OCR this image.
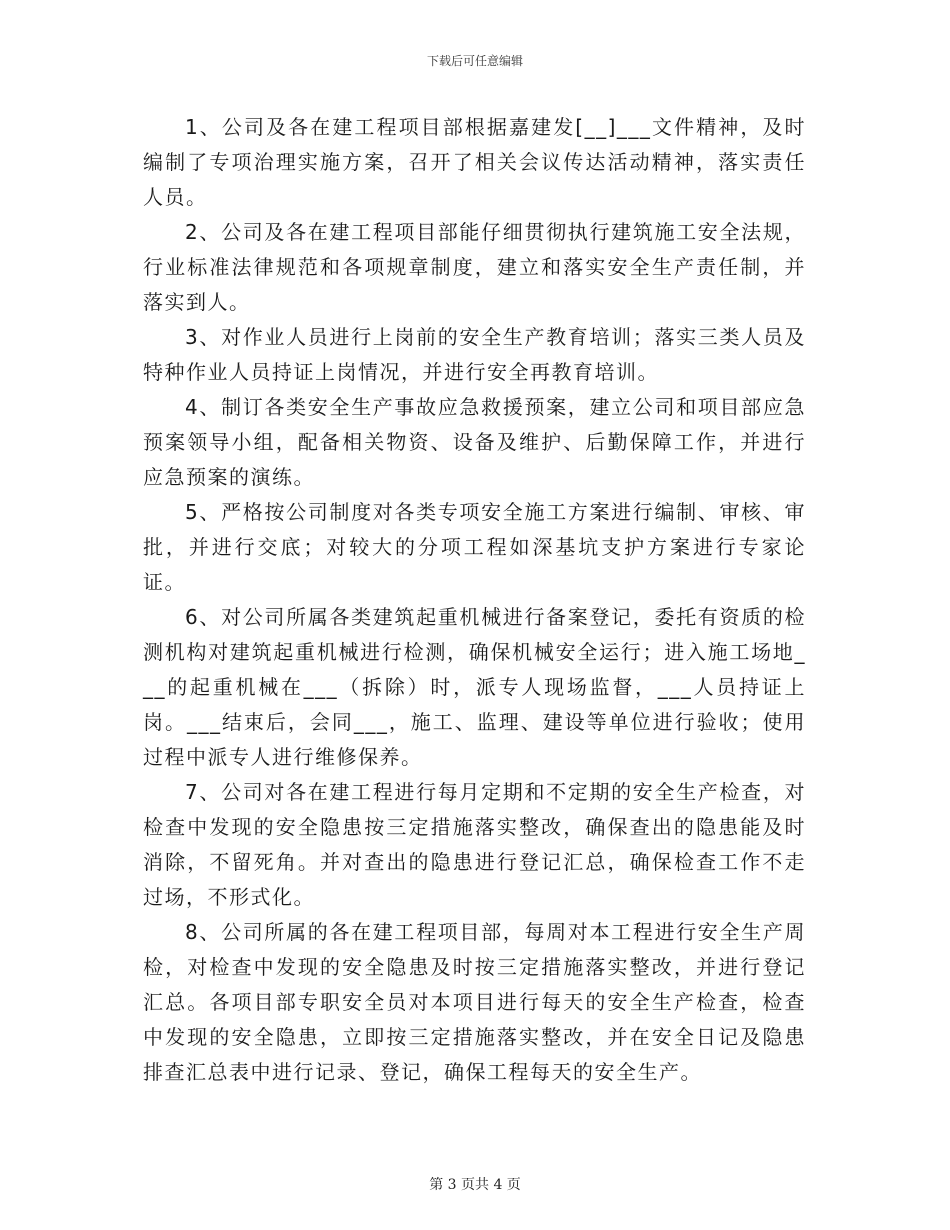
下载后可任意编辑

1、公司及各在建工程项目部根据嘉建发[__]___文件精神，及时编制了专项治理实施方案，召开了相关会议传达活动精神，落实责任人员。

2、公司及各在建工程项目部能仔细贯彻执行建筑施工安全法规，行业标准法律规范和各项规章制度，建立和落实安全生产责任制，并落实到人。

3、对作业人员进行上岗前的安全生产教育培训；落实三类人员及特种作业人员持证上岗情况，并进行安全再教育培训。

4、制订各类安全生产事故应急救援预案，建立公司和项目部应急预案领导小组，配备相关物资、设备及维护、后勤保障工作，并进行应急预案的演练。

5、严格按公司制度对各类专项安全施工方案进行编制、审核、审批，并进行交底；对较大的分项工程如深基坑支护方案进行专家论证。

6、对公司所属各类建筑起重机械进行备案登记，委托有资质的检测机构对建筑起重机械进行检测，确保机械安全运行；进入施工场地___的起重机械在___（拆除）时，派专人现场监督，___人员持证上岗。___结束后，会同___，施工、监理、建设等单位进行验收；使用过程中派专人进行维修保养。

7、公司对各在建工程进行每月定期和不定期的安全生产检查，对检查中发现的安全隐患按三定措施落实整改，确保查出的隐患能及时消除，不留死角。并对查出的隐患进行登记汇总，确保检查工作不走过场，不形式化。

8、公司所属的各在建工程项目部，每周对本工程进行安全生产周检，对检查中发现的安全隐患及时按三定措施落实整改，并进行登记汇总。各项目部专职安全员对本项目进行每天的安全生产检查，检查中发现的安全隐患，立即按三定措施落实整改，并在安全日记及隐患排查汇总表中进行记录、登记，确保工程每天的安全生产。

第 3 页共 4 页
